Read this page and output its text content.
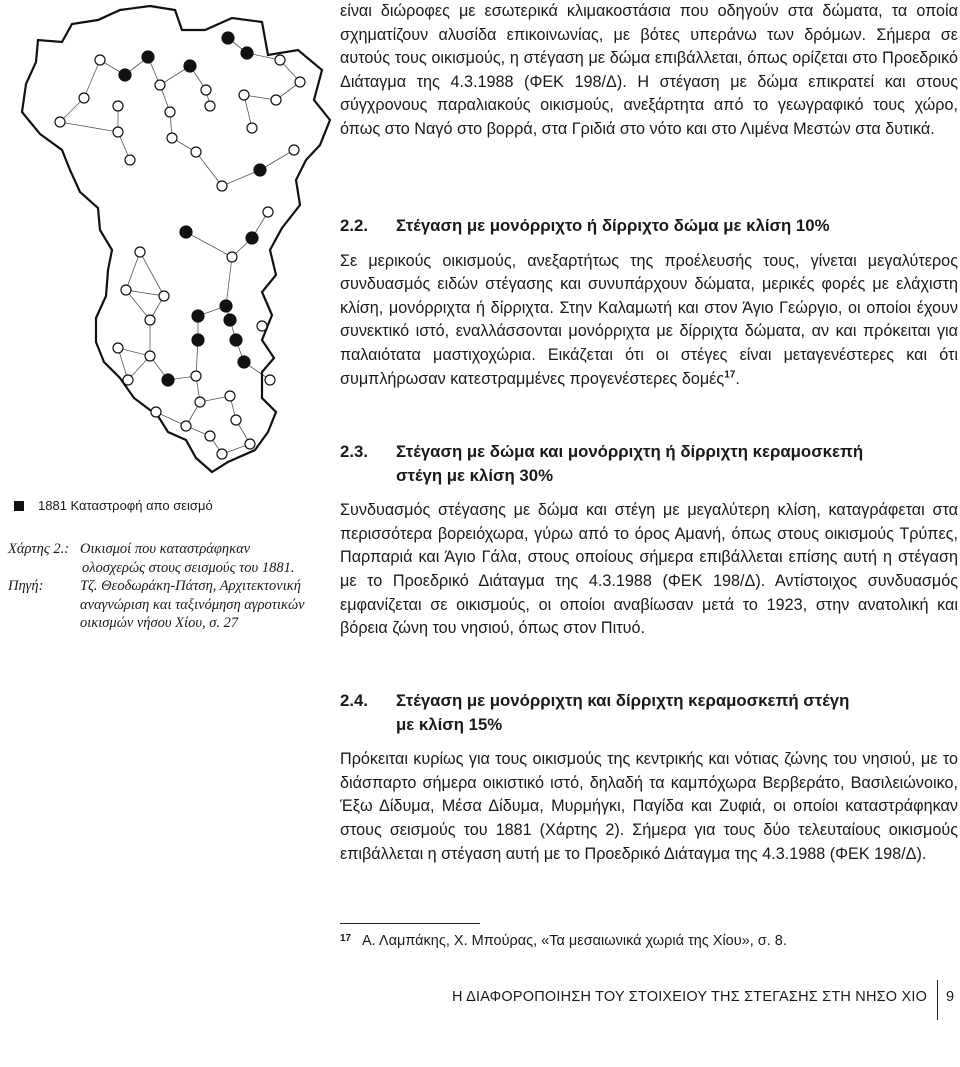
1881 Καταστροφή απο σεισμό
Χάρτης 2.: Οικισμοί που καταστράφηκαν
ολοσχερώς στους σεισμούς του 1881.
Πηγή:	Τζ. Θεοδωράκη-Πάτση, Αρχιτεκτονική
αναγνώριση και ταξινόμηση αγροτικών
οικισμών νήσου Χίου, σ. 27

είναι διώροφες με εσωτερικά κλιμακοστάσια που οδηγούν στα δώματα, τα οποία σχηματίζουν αλυσίδα επικοινωνίας, με βότες υπεράνω των δρόμων. Σήμερα σε αυτούς τους οικισμούς, η στέγαση με δώμα επιβάλλεται, όπως ορίζεται στο Προεδρικό Διάταγμα της 4.3.1988 (ΦΕΚ 198/Δ). Η στέγαση με δώμα επικρατεί και στους σύγχρονους παραλιακούς οικισμούς, ανεξάρτητα από το γεωγραφικό τους χώρο, όπως στο Ναγό στο βορρά, στα Γριδιά στο νότο και στο Λιμένα Μεστών στα δυτικά.

2.2.	Στέγαση με μονόρριχτο ή δίρριχτο δώμα με κλίση 10%

Σε μερικούς οικισμούς, ανεξαρτήτως της προέλευσής τους, γίνεται μεγαλύτερος συνδυασμός ειδών στέγασης και συνυπάρχουν δώματα, μερικές φορές με ελάχιστη κλίση, μονόρριχτα ή δίρριχτα. Στην Καλαμωτή και στον Άγιο Γεώργιο, οι οποίοι έχουν συνεκτικό ιστό, εναλλάσσονται μονόρριχτα με δίρριχτα δώματα, αν και πρόκειται για παλαιότατα μαστιχοχώρια. Εικάζεται ότι οι στέγες είναι μεταγενέστερες και ότι συμπλήρωσαν κατεστραμμένες προγενέστερες δομές$^{17}$.

2.3.	Στέγαση με δώμα και μονόρριχτη ή δίρριχτη κεραμοσκεπή
στέγη με κλίση 30%

Συνδυασμός στέγασης με δώμα και στέγη με μεγαλύτερη κλίση, καταγράφεται στα περισσότερα βορειόχωρα, γύρω από το όρος Αμανή, όπως στους οικισμούς Τρύπες, Παρπαριά και Άγιο Γάλα, στους οποίους σήμερα επιβάλλεται επίσης αυτή η στέγαση με το Προεδρικό Διάταγμα της 4.3.1988 (ΦΕΚ 198/Δ). Αντίστοιχος συνδυασμός εμφανίζεται σε οικισμούς, οι οποίοι αναβίωσαν μετά το 1923, στην ανατολική και βόρεια ζώνη του νησιού, όπως στον Πιτυό.

2.4.	Στέγαση με μονόρριχτη και δίρριχτη κεραμοσκεπή στέγη
με κλίση 15%

Πρόκειται κυρίως για τους οικισμούς της κεντρικής και νότιας ζώνης του νησιού, με το διάσπαρτο σήμερα οικιστικό ιστό, δηλαδή τα καμπόχωρα Βερβεράτο, Βασιλειώνοικο, Έξω Δίδυμα, Μέσα Δίδυμα, Μυρμήγκι, Παγίδα και Ζυφιά, οι οποίοι καταστράφηκαν στους σεισμούς του 1881 (Χάρτης 2). Σήμερα για τους δύο τελευταίους οικισμούς επιβάλλεται η στέγαση αυτή με το Προεδρικό Διάταγμα της 4.3.1988 (ΦΕΚ 198/Δ).

17 Α. Λαμπάκης, Χ. Μπούρας, «Τα μεσαιωνικά χωριά της Χίου», σ. 8.
Η ΔΙΑΦΟΡΟΠΟΙΗΣΗ ΤΟΥ ΣΤΟΙΧΕΙΟΥ ΤΗΣ ΣΤΕΓΑΣΗΣ ΣΤΗ ΝΗΣΟ ΧΙΟ 9
